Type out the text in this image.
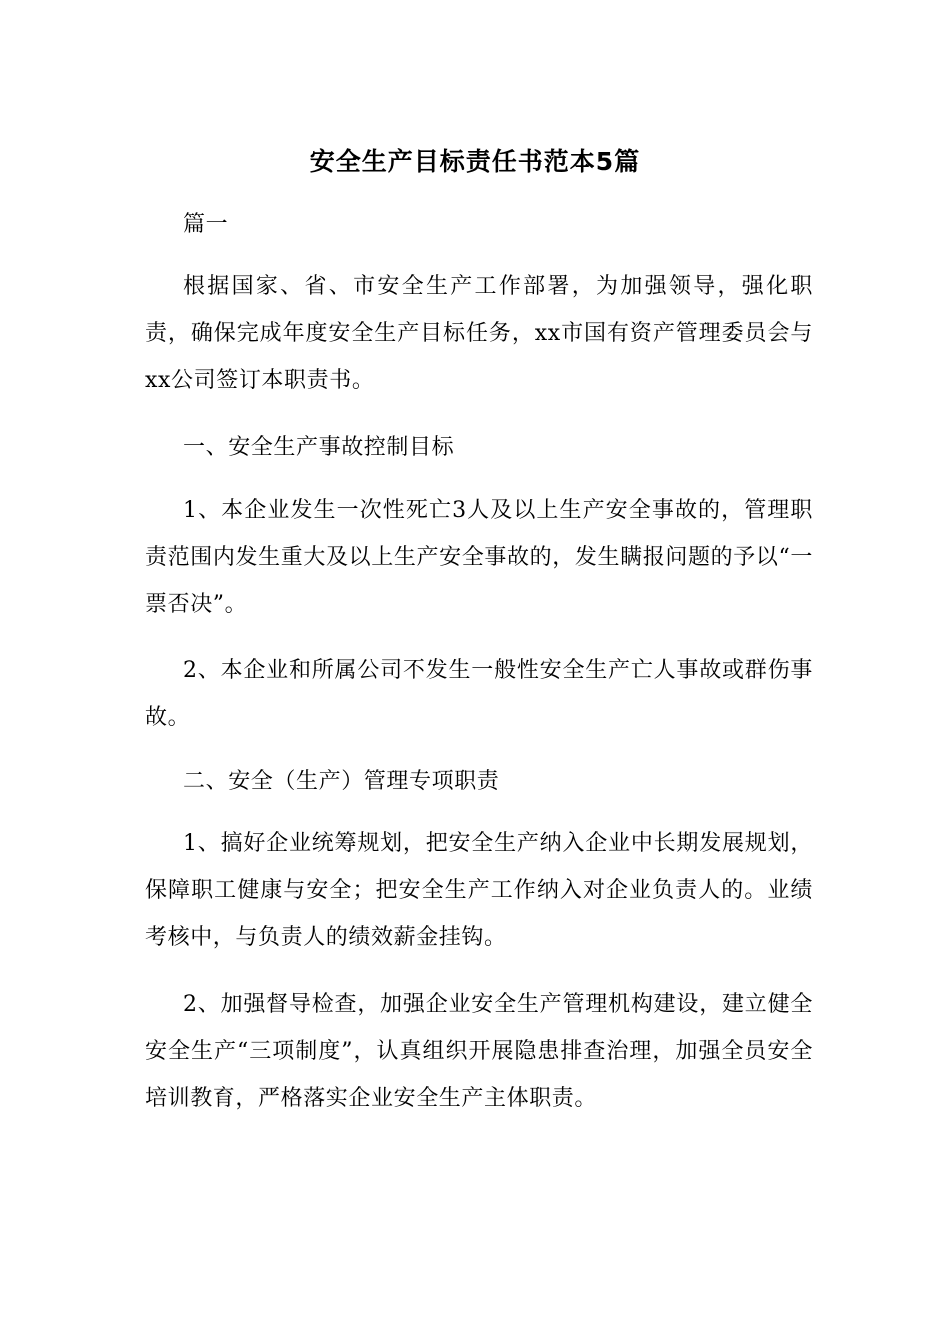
安全生产目标责任书范本5篇

篇一

根据国家、省、市安全生产工作部署，为加强领导，强化职责，确保完成年度安全生产目标任务，xx市国有资产管理委员会与xx公司签订本职责书。

一、安全生产事故控制目标

1、本企业发生一次性死亡3人及以上生产安全事故的，管理职责范围内发生重大及以上生产安全事故的，发生瞒报问题的予以“一票否决”。

2、本企业和所属公司不发生一般性安全生产亡人事故或群伤事故。

二、安全（生产）管理专项职责

1、搞好企业统筹规划，把安全生产纳入企业中长期发展规划，保障职工健康与安全；把安全生产工作纳入对企业负责人的。业绩考核中，与负责人的绩效薪金挂钩。

2、加强督导检查，加强企业安全生产管理机构建设，建立健全安全生产“三项制度”，认真组织开展隐患排查治理，加强全员安全培训教育，严格落实企业安全生产主体职责。
